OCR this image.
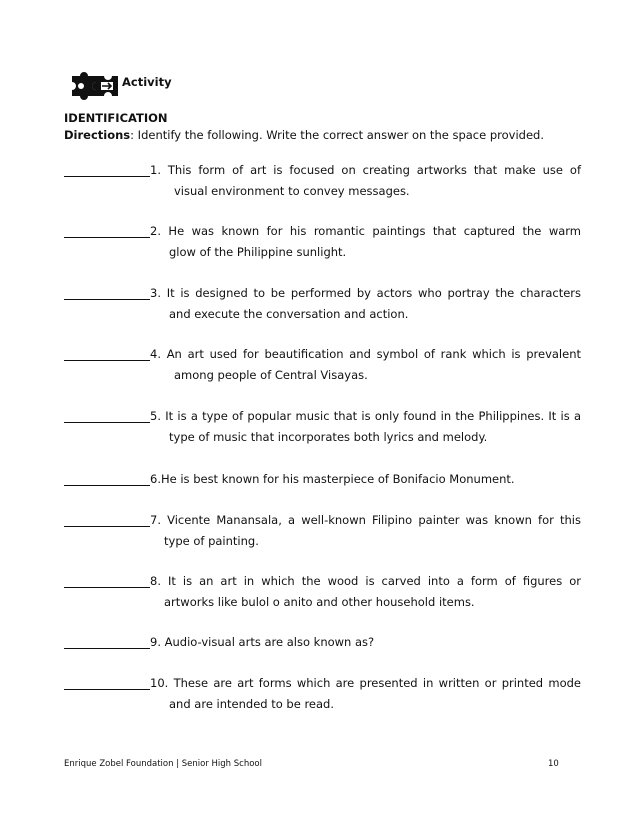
Activity
IDENTIFICATION
Directions: Identify the following. Write the correct answer on the space provided.
1. This form of art is focused on creating artworks that make use of
visual environment to convey messages.
2. He was known for his romantic paintings that captured the warm
glow of the Philippine sunlight.
3. It is designed to be performed by actors who portray the characters
and execute the conversation and action.
4. An art used for beautification and symbol of rank which is prevalent
among people of Central Visayas.
5. It is a type of popular music that is only found in the Philippines. It is a
type of music that incorporates both lyrics and melody.
6.He is best known for his masterpiece of Bonifacio Monument.
7. Vicente Manansala, a well-known Filipino painter was known for this
type of painting.
8. It is an art in which the wood is carved into a form of figures or
artworks like bulol o anito and other household items.
9. Audio-visual arts are also known as?
10. These are art forms which are presented in written or printed mode
and are intended to be read.
Enrique Zobel Foundation | Senior High School	10
